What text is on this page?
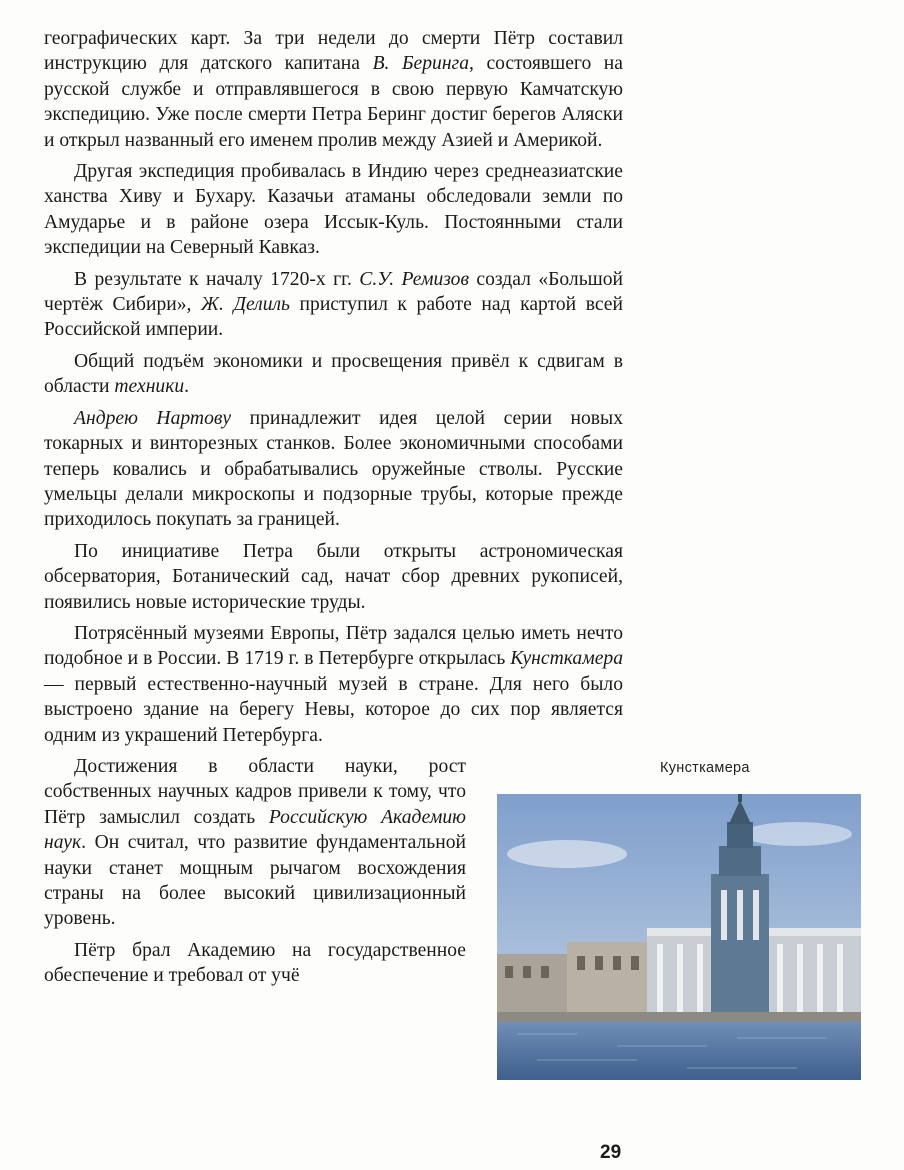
географических карт. За три недели до смерти Пётр составил инструкцию для датского капитана В. Беринга, состоявшего на русской службе и отправлявшегося в свою первую Камчатскую экспедицию. Уже после смерти Петра Беринг достиг берегов Аляски и открыл названный его именем пролив между Азией и Америкой.

Другая экспедиция пробивалась в Индию через среднеазиатские ханства Хиву и Бухару. Казачьи атаманы обследовали земли по Амударье и в районе озера Иссык-Куль. Постоянными стали экспедиции на Северный Кавказ.

В результате к началу 1720-х гг. С.У. Ремизов создал «Большой чертёж Сибири», Ж. Делиль приступил к работе над картой всей Российской империи.

Общий подъём экономики и просвещения привёл к сдвигам в области техники.

Андрею Нартову принадлежит идея целой серии новых токарных и винторезных станков. Более экономичными способами теперь ковались и обрабатывались оружейные стволы. Русские умельцы делали микроскопы и подзорные трубы, которые прежде приходилось покупать за границей.

По инициативе Петра были открыты астрономическая обсерватория, Ботанический сад, начат сбор древних рукописей, появились новые исторические труды.

Потрясённый музеями Европы, Пётр задался целью иметь нечто подобное и в России. В 1719 г. в Петербурге открылась Кунсткамера — первый естественно-научный музей в стране. Для него было выстроено здание на берегу Невы, которое до сих пор является одним из украшений Петербурга.

Достижения в области науки, рост собственных научных кадров привели к тому, что Пётр замыслил создать Российскую Академию наук. Он считал, что развитие фундаментальной науки станет мощным рычагом восхождения страны на более высокий цивилизационный уровень.

Пётр брал Академию на государственное обеспечение и требовал от учё

Кунсткамера
29
